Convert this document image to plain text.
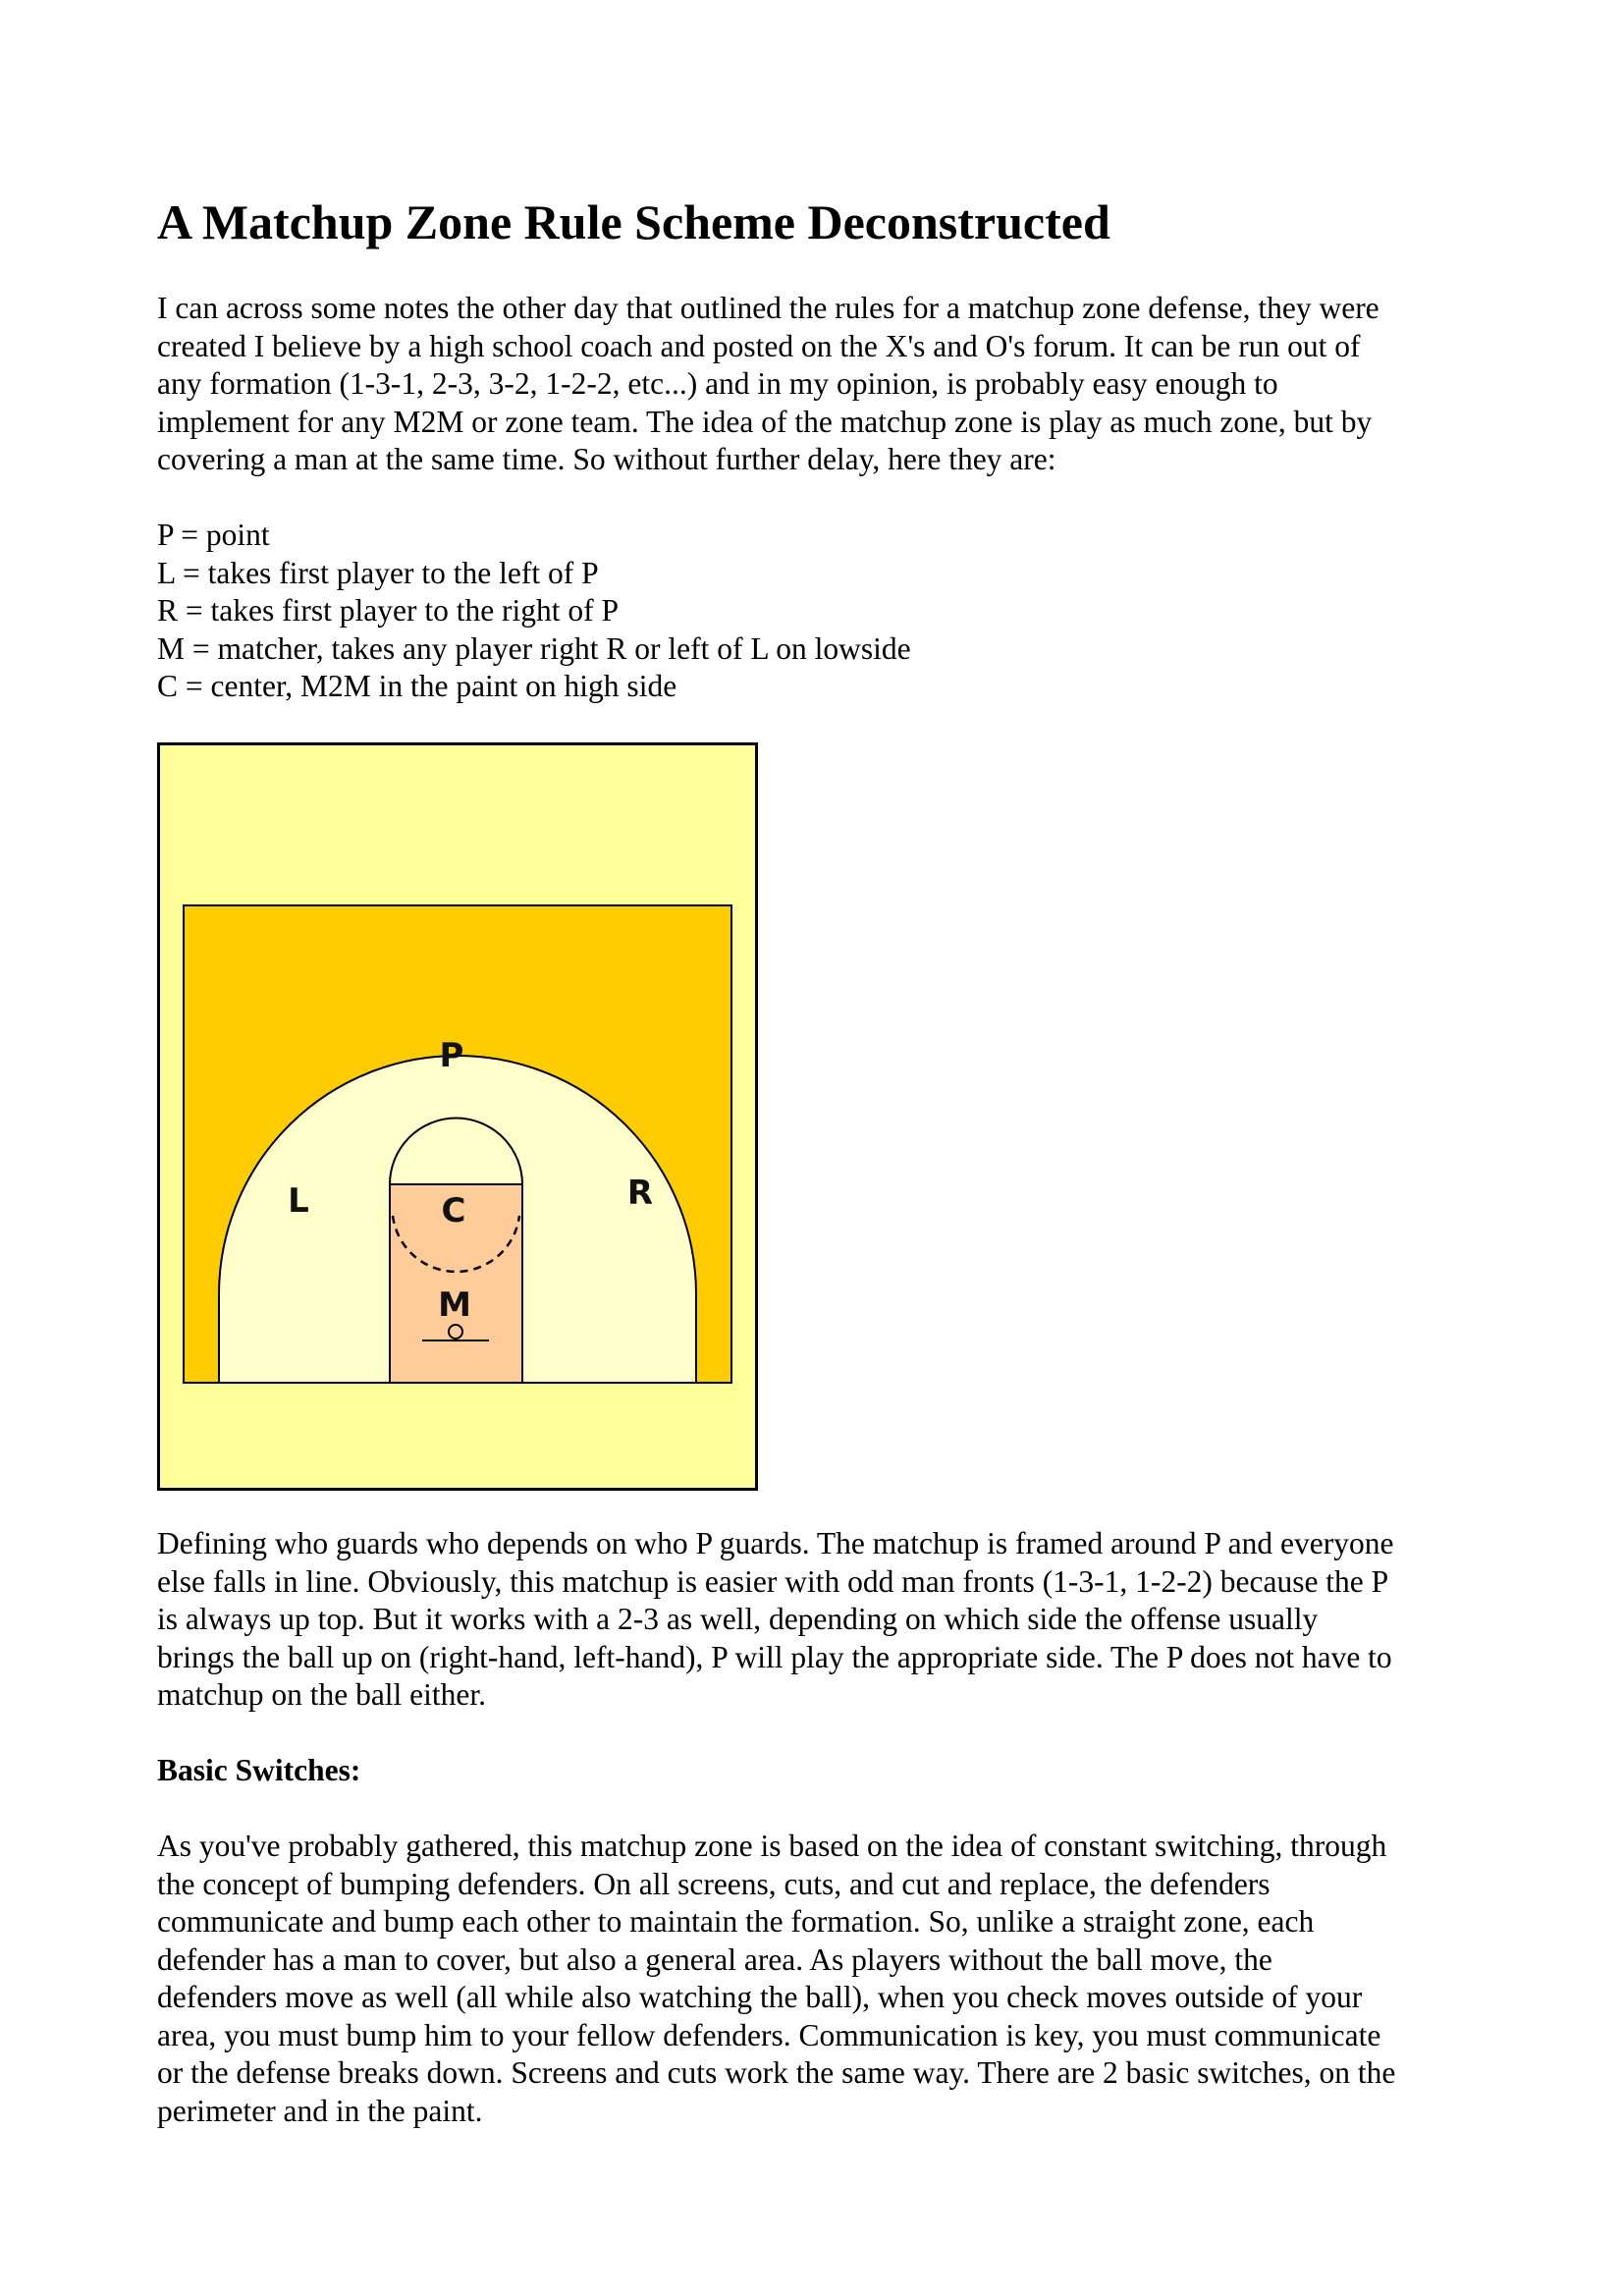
A Matchup Zone Rule Scheme Deconstructed
I can across some notes the other day that outlined the rules for a matchup zone defense, they were
created I believe by a high school coach and posted on the X's and O's forum. It can be run out of
any formation (1-3-1, 2-3, 3-2, 1-2-2, etc...) and in my opinion, is probably easy enough to
implement for any M2M or zone team. The idea of the matchup zone is play as much zone, but by
covering a man at the same time. So without further delay, here they are:
P = point
L = takes first player to the left of P
R = takes first player to the right of P
M = matcher, takes any player right R or left of L on lowside
C = center, M2M in the paint on high side
P
L	R
C
M
Defining who guards who depends on who P guards. The matchup is framed around P and everyone
else falls in line. Obviously, this matchup is easier with odd man fronts (1-3-1, 1-2-2) because the P
is always up top. But it works with a 2-3 as well, depending on which side the offense usually
brings the ball up on (right-hand, left-hand), P will play the appropriate side. The P does not have to
matchup on the ball either.
Basic Switches:
As you've probably gathered, this matchup zone is based on the idea of constant switching, through
the concept of bumping defenders. On all screens, cuts, and cut and replace, the defenders
communicate and bump each other to maintain the formation. So, unlike a straight zone, each
defender has a man to cover, but also a general area. As players without the ball move, the
defenders move as well (all while also watching the ball), when you check moves outside of your
area, you must bump him to your fellow defenders. Communication is key, you must communicate
or the defense breaks down. Screens and cuts work the same way. There are 2 basic switches, on the
perimeter and in the paint.
